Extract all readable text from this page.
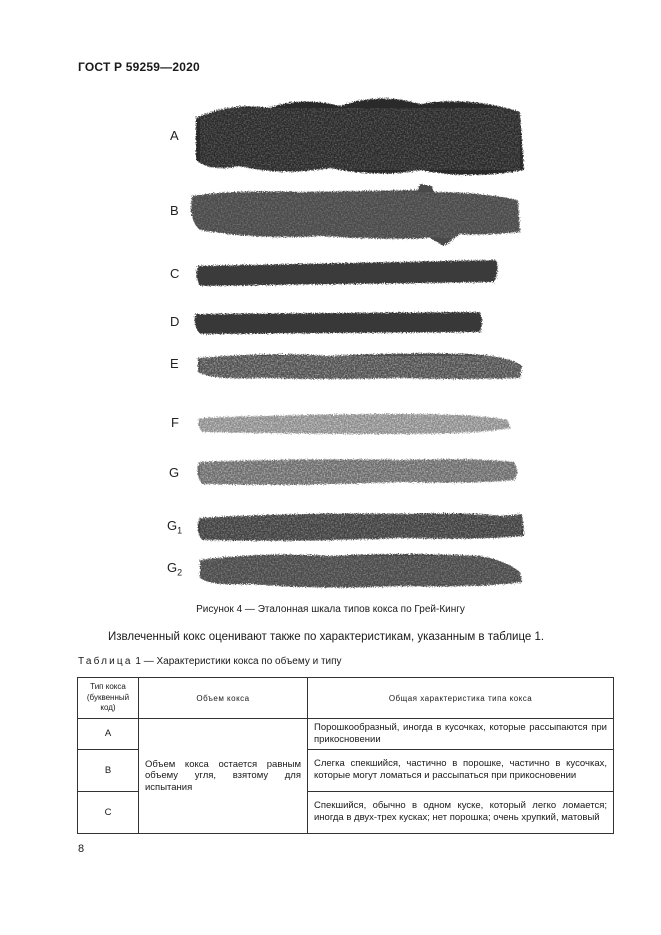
ГОСТ Р 59259—2020
A
B
C
D
E
F
G
$G_1$
$G_2$
Рисунок 4 — Эталонная шкала типов кокса по Грей-Кингу
Извлеченный кокс оценивают также по характеристикам, указанным в таблице 1.
Таблица 1 — Характеристики кокса по объему и типу
Тип кокса (буквенный код)	Объем кокса	Общая характеристика типа кокса
A	Объем кокса остается равным объему угля, взятому для испытания	Порошкообразный, иногда в кусочках, которые рассыпаются при прикосновении
B		Слегка спекшийся, частично в порошке, частично в кусочках, которые могут ломаться и рассыпаться при прикосновении
C		Спекшийся, обычно в одном куске, который легко ломается; иногда в двух-трех кусках; нет порошка; очень хрупкий, матовый
8
